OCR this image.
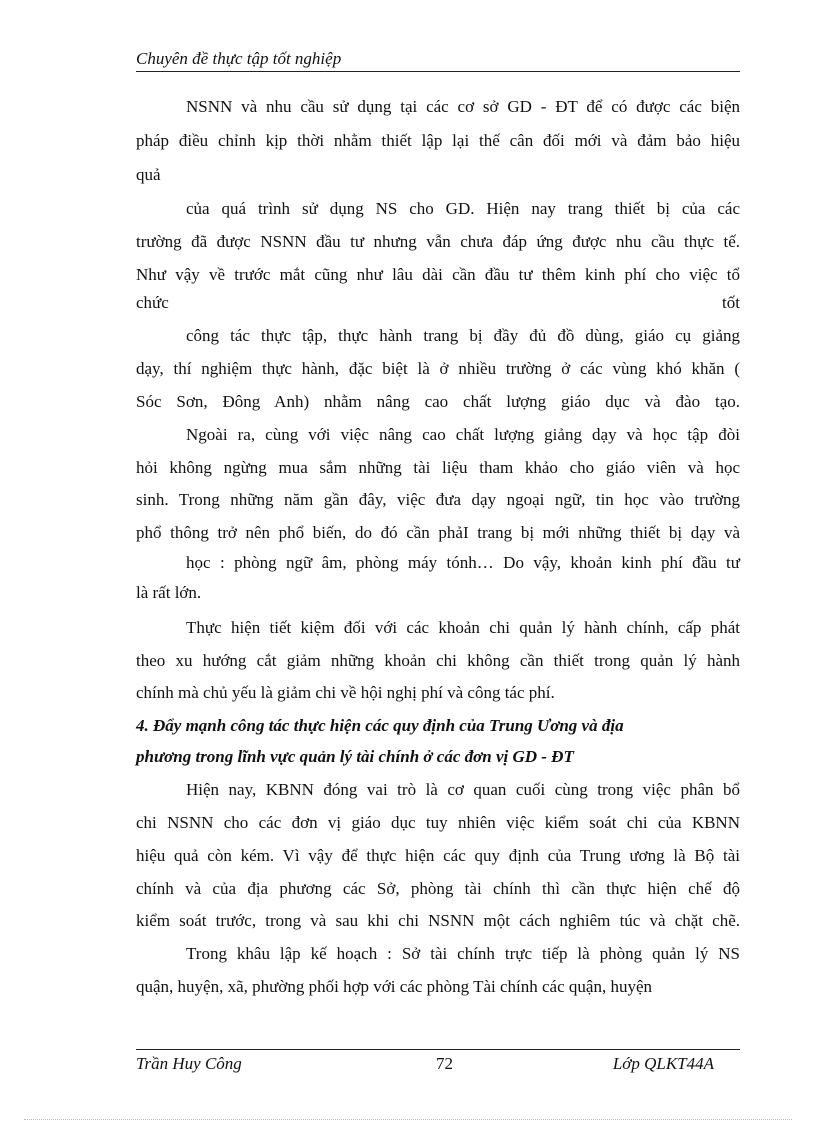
Chuyên đề thực tập tốt nghiệp
NSNN và nhu cầu sử dụng tại các cơ sở GD - ĐT để có được các biện
pháp điều chỉnh kịp thời nhằm thiết lập lại thế cân đối mới và đảm bảo hiệu
quả
của quá trình sử dụng NS cho GD. Hiện nay trang thiết bị của các
trường đã được NSNN đầu tư nhưng vẫn chưa đáp ứng được nhu cầu thực tế.
Như vậy về trước mắt cũng như lâu dài cần đầu tư thêm kinh phí cho việc tổ
chức	tốt
công tác thực tập, thực hành trang bị đầy đủ đồ dùng, giáo cụ giảng
dạy, thí nghiệm thực hành, đặc biệt là ở nhiều trường ở các vùng khó khăn (
Sóc Sơn, Đông Anh) nhằm nâng cao chất lượng giáo dục và đào tạo.
Ngoài ra, cùng với việc nâng cao chất lượng giảng dạy và học tập đòi
hỏi không ngừng mua sắm những tài liệu tham khảo cho giáo viên và học
sinh. Trong những năm gần đây, việc đưa dạy ngoại ngữ, tin học vào trường
phổ thông trở nên phổ biến, do đó cần phảI trang bị mới những thiết bị dạy và
học : phòng ngữ âm, phòng máy tónh… Do vậy, khoản kinh phí đầu tư
là rất lớn.
Thực hiện tiết kiệm đối với các khoản chi quản lý hành chính, cấp phát
theo xu hướng cắt giảm những khoản chi không cần thiết trong quản lý hành
chính mà chủ yếu là giảm chi về hội nghị phí và công tác phí.
4. Đẩy mạnh công tác thực hiện các quy định của Trung Ương và địa
phương trong lĩnh vực quản lý tài chính ở các đơn vị GD - ĐT
Hiện nay, KBNN đóng vai trò là cơ quan cuối cùng trong việc phân bổ
chi NSNN cho các đơn vị giáo dục tuy nhiên việc kiểm soát chi của KBNN
hiệu quả còn kém. Vì vậy để thực hiện các quy định của Trung ương là Bộ tài
chính và của địa phương các Sở, phòng tài chính thì cần thực hiện chế độ
kiểm soát trước, trong và sau khi chi NSNN một cách nghiêm túc và chặt chẽ.
Trong khâu lập kế hoạch : Sở tài chính trực tiếp là phòng quản lý NS
quận, huyện, xã, phường phối hợp với các phòng Tài chính các quận, huyện
Trần Huy Công	72	Lớp QLKT44A
